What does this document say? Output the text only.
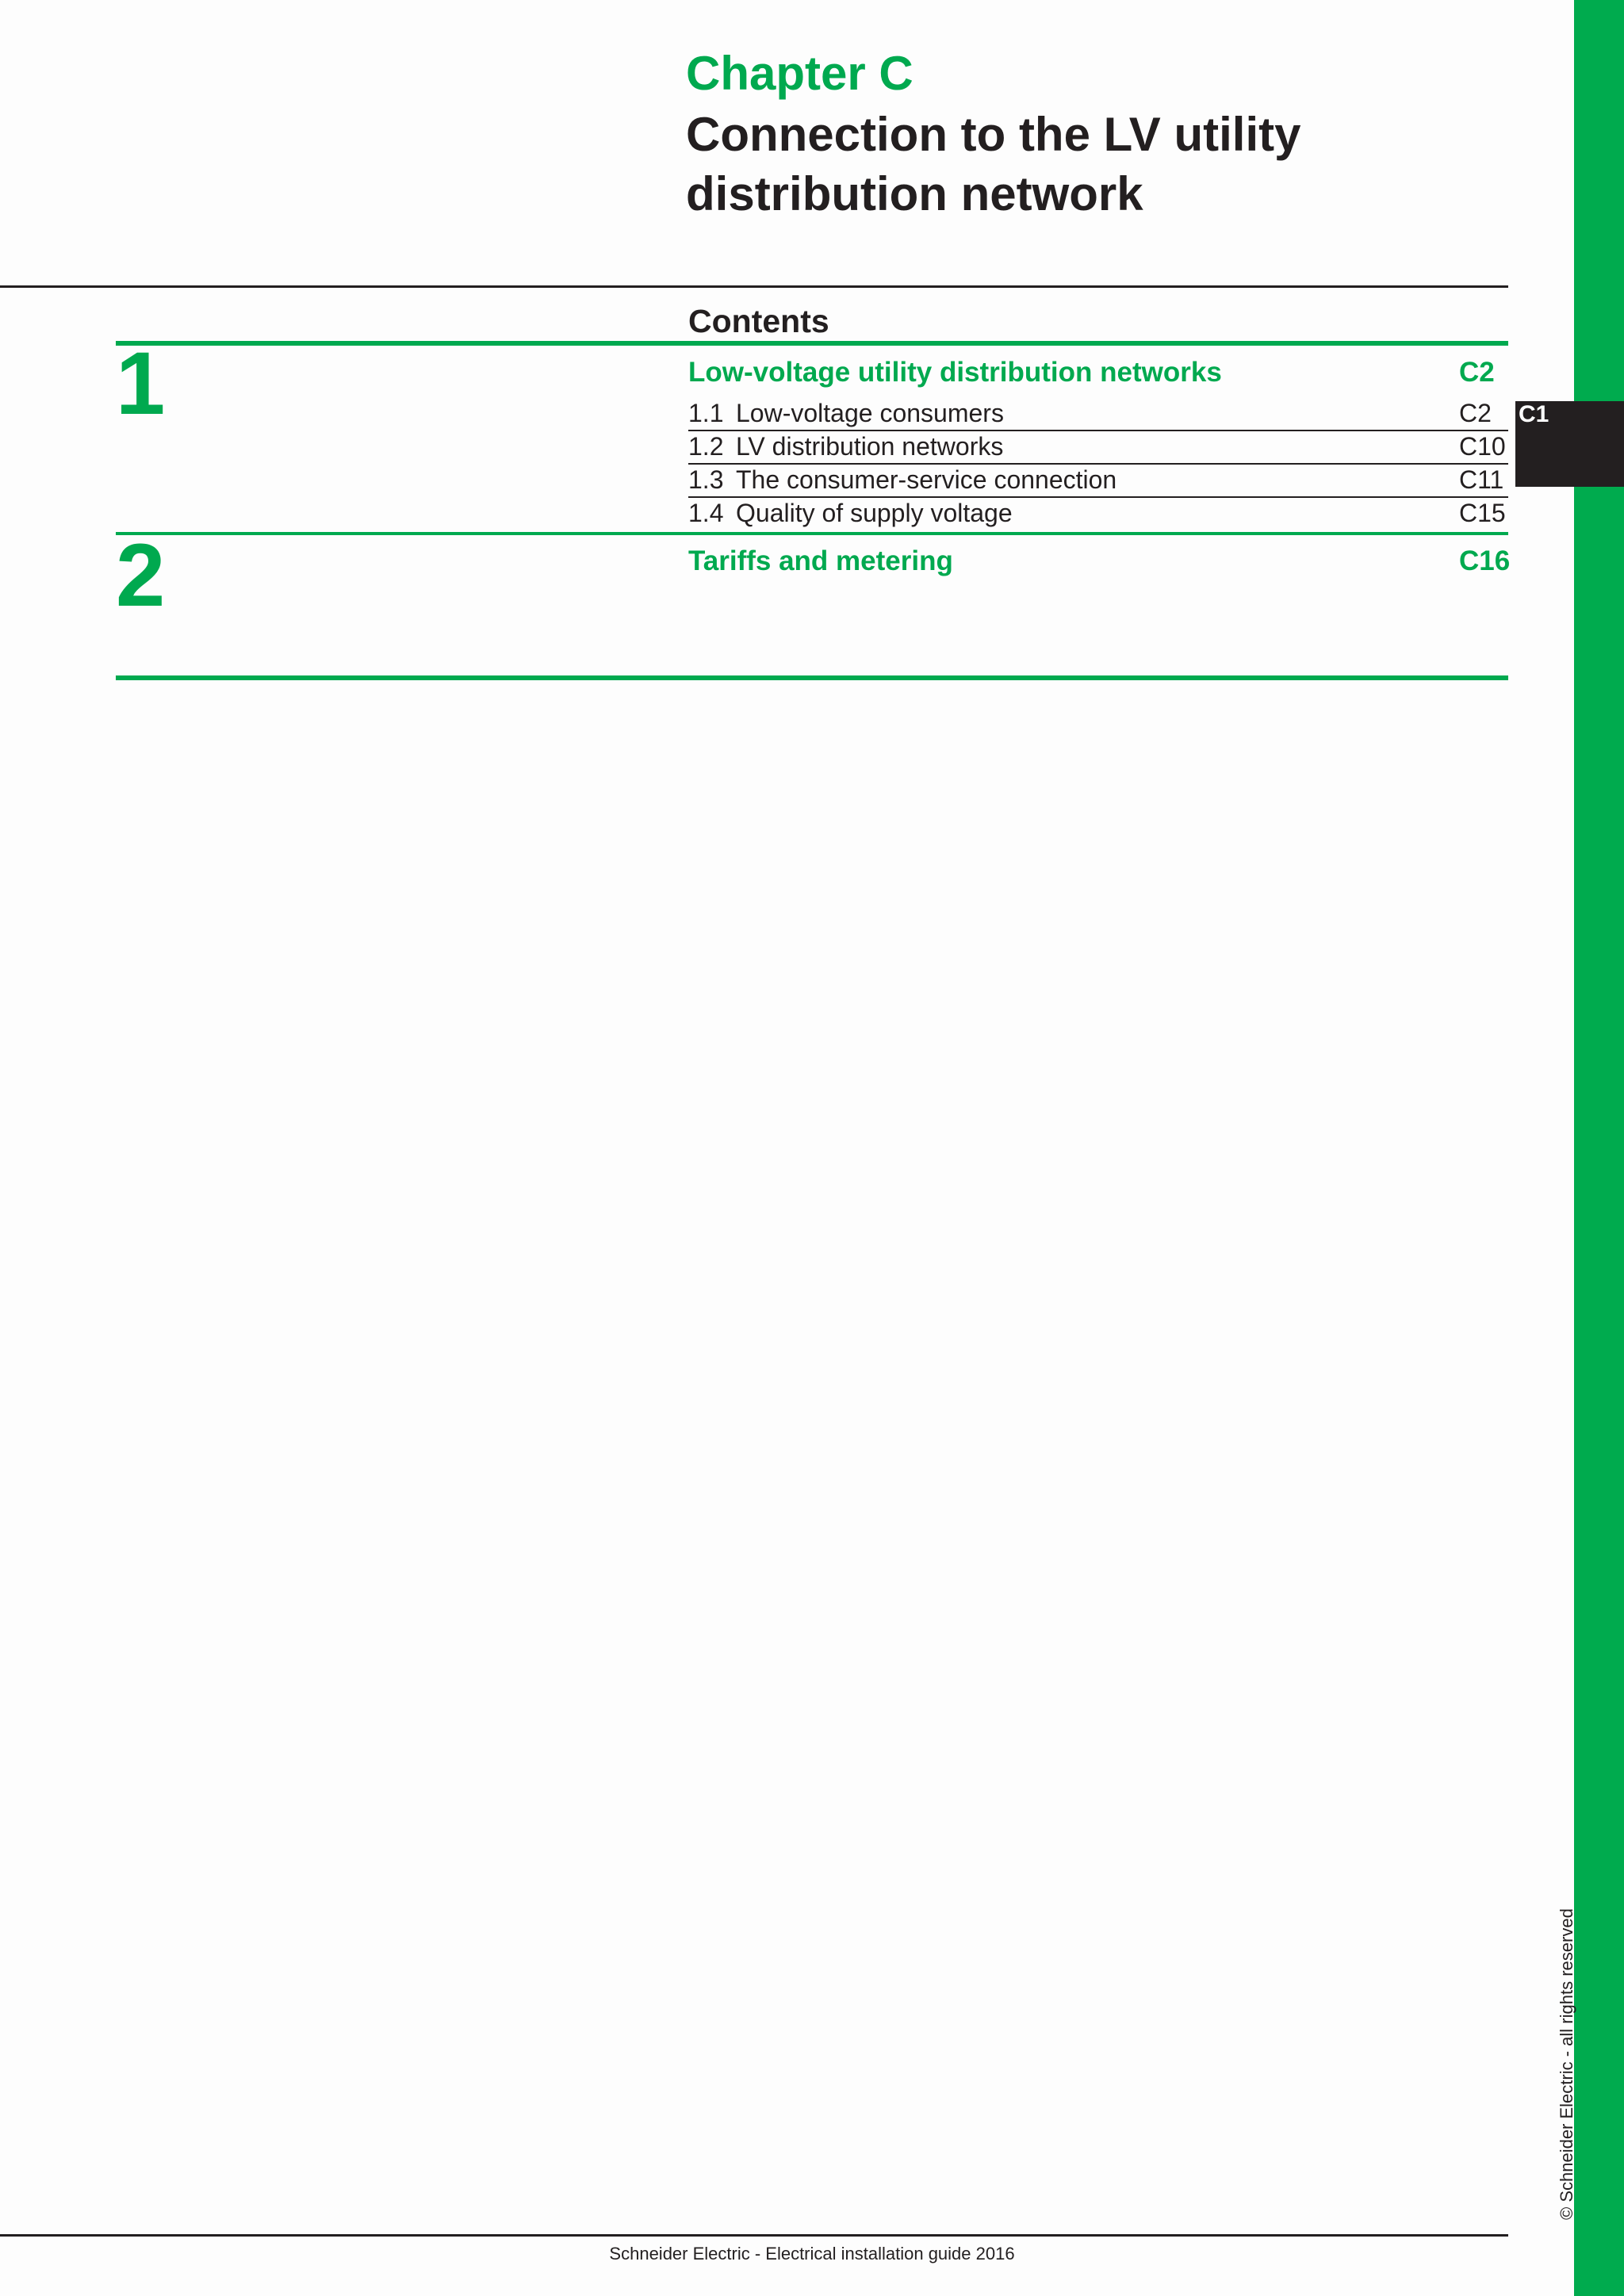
C1
Chapter C
Connection to the LV utility distribution network
Contents
1	Low-voltage utility distribution networks	C2
1.1 Low-voltage consumers	C2
1.2 LV distribution networks	C10
1.3 The consumer-service connection	C11
1.4 Quality of supply voltage	C15
2	Tariffs and metering	C16
© Schneider Electric - all rights reserved
Schneider Electric - Electrical installation guide 2016
